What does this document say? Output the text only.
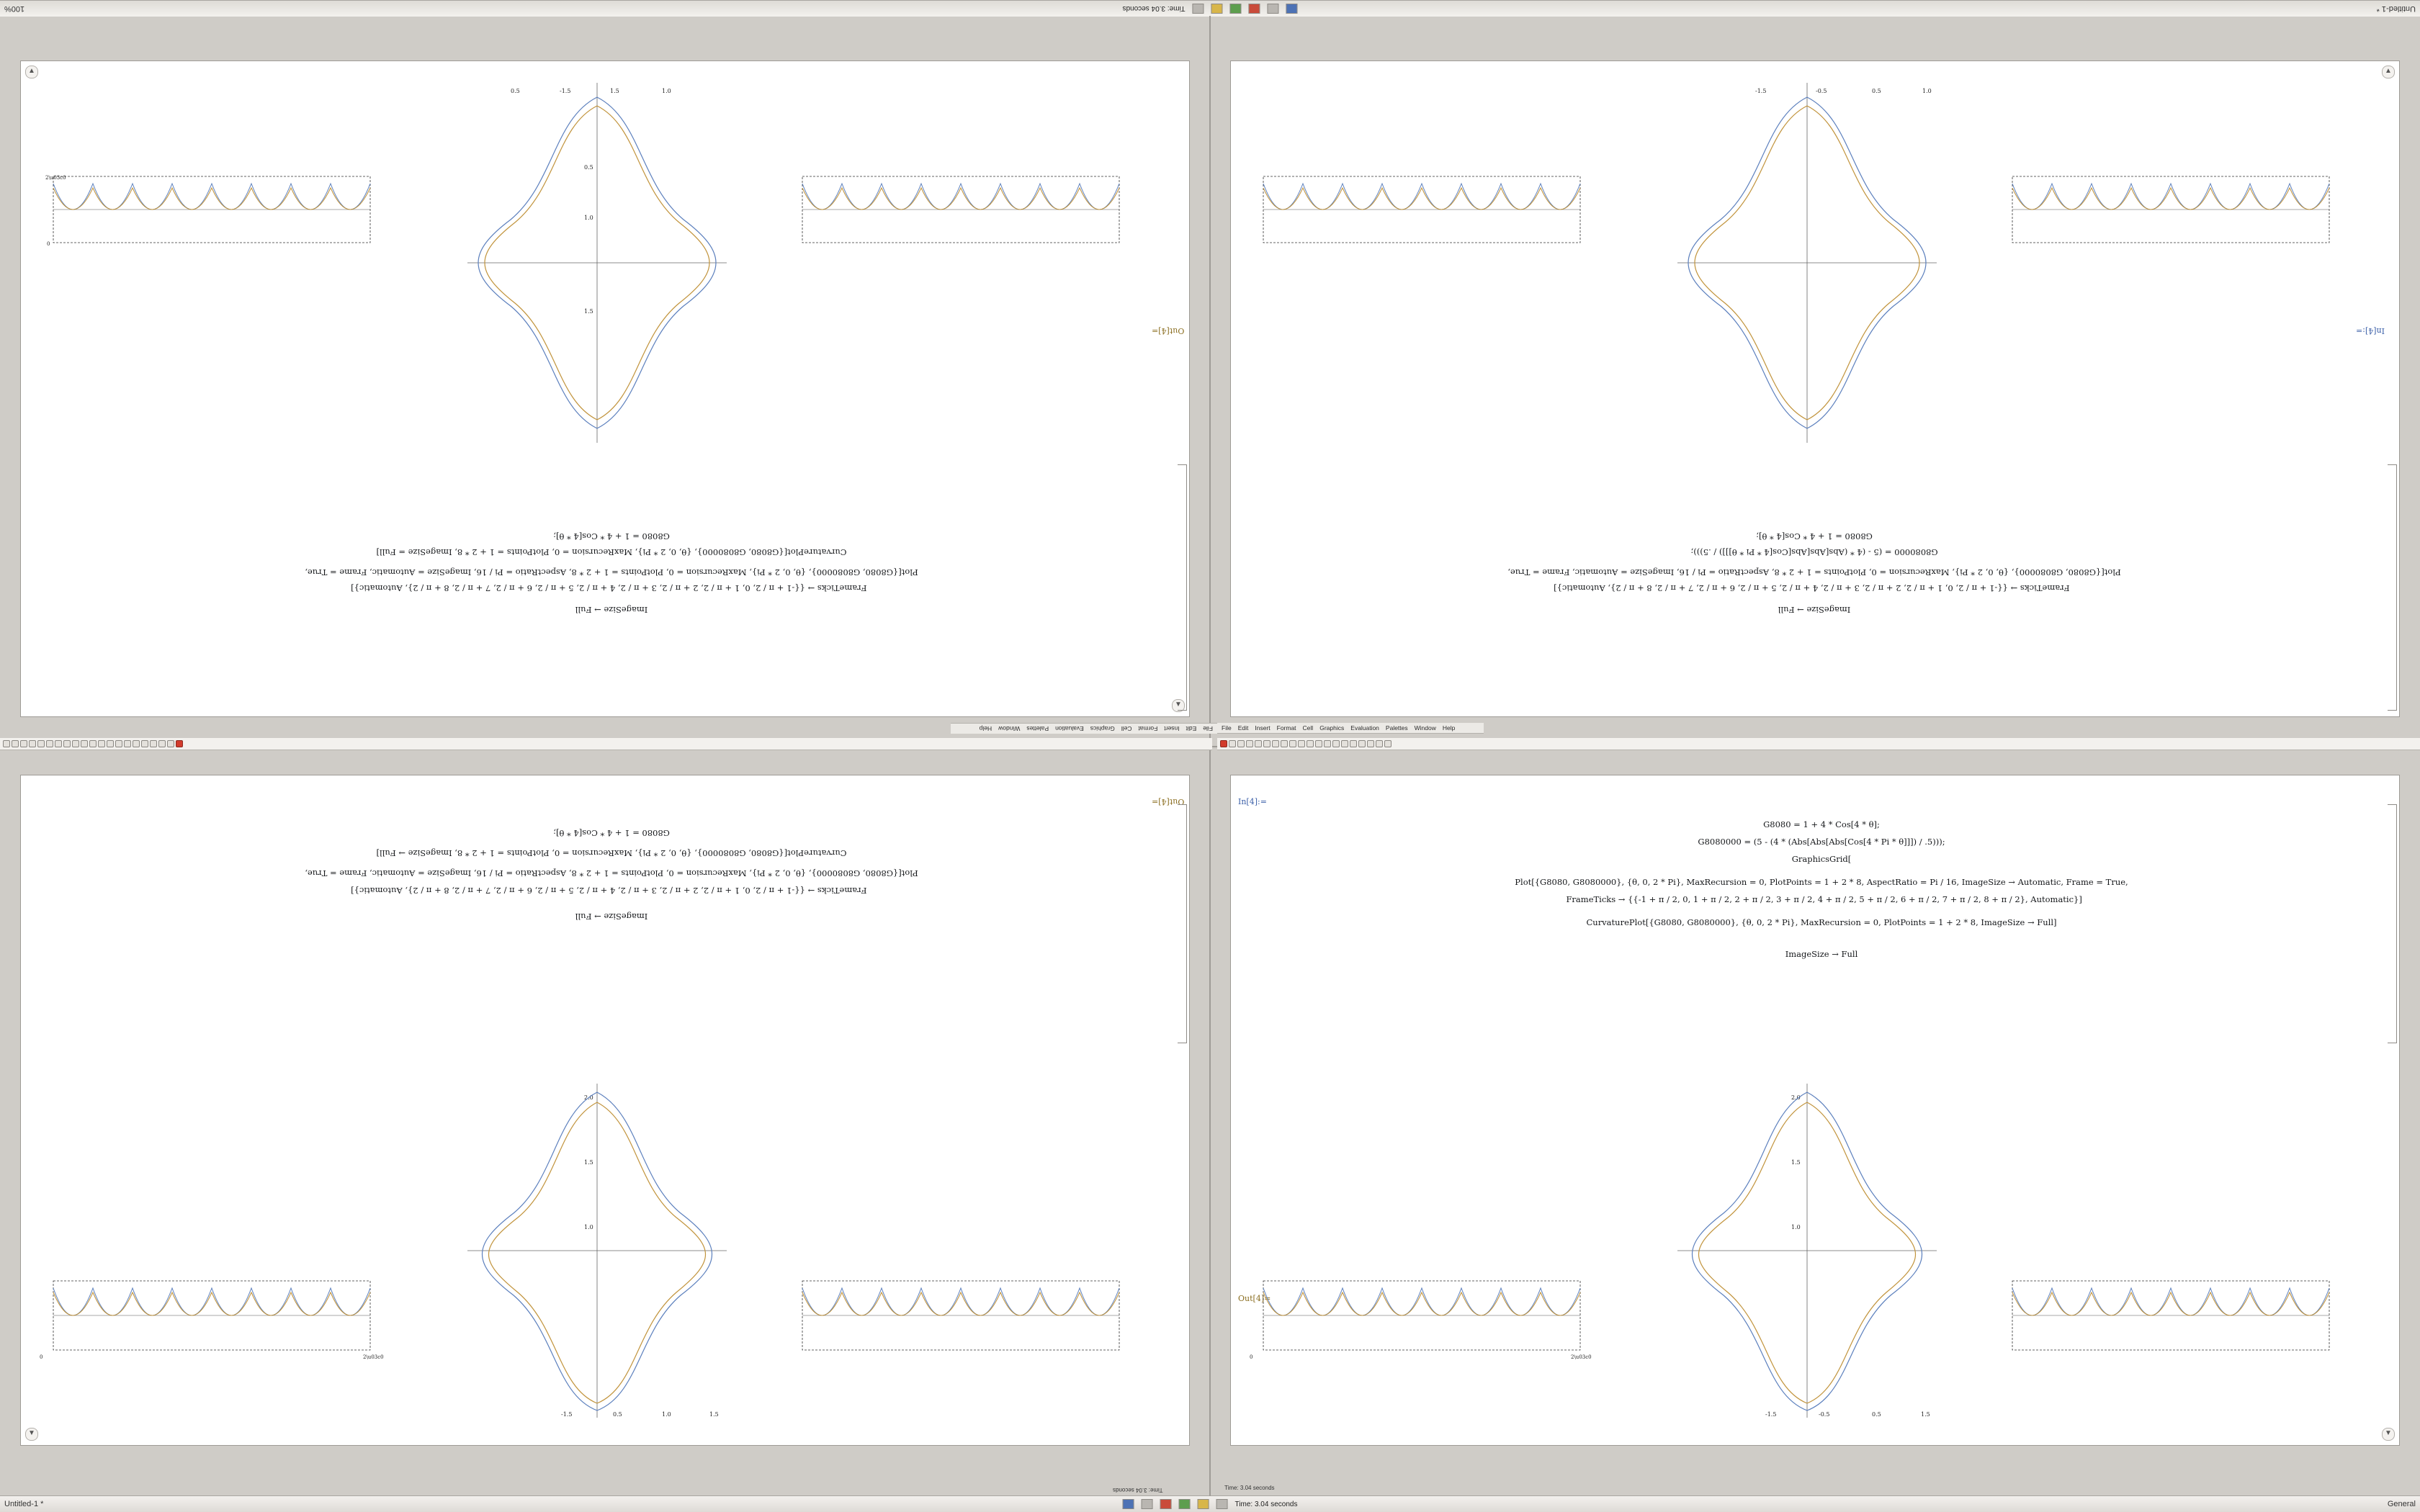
Untitled-1 *
Time: 3.04 seconds
100%
Untitled-1 *	Time: 3.04 seconds	General
▲
▼
-1.5	1.5	1.0
0.5
0.5
1.0
1.5
2\u03c0
0
Out[4]=
G8080 = 1 + 4 * Cos[4 * θ];
CurvaturePlot[{G8080, G8080000}, {θ, 0, 2 * Pi}, MaxRecursion = 0, PlotPoints = 1 + 2 * 8, ImageSize = Full]
Plot[{G8080, G8080000}, {θ, 0, 2 * Pi}, MaxRecursion = 0, PlotPoints = 1 + 2 * 8, AspectRatio = Pi / 16, ImageSize = Automatic, Frame = True,
FrameTicks → {{-1 + π / 2, 0, 1 + π / 2, 2 + π / 2, 3 + π / 2, 4 + π / 2, 5 + π / 2, 6 + π / 2, 7 + π / 2, 8 + π / 2}, Automatic}]
ImageSize → Full
▲
-1.5	-0.5	0.5	1.0
In[4]:=
G8080 = 1 + 4 * Cos[4 * θ];
G8080000 = (5 - (4 * (Abs[Abs[Abs[Cos[4 * Pi * θ]]]) / .5)));
Plot[{G8080, G8080000}, {θ, 0, 2 * Pi}, MaxRecursion = 0, PlotPoints = 1 + 2 * 8, AspectRatio = Pi / 16, ImageSize = Automatic, Frame = True,
FrameTicks → {{-1 + π / 2, 0, 1 + π / 2, 2 + π / 2, 3 + π / 2, 4 + π / 2, 5 + π / 2, 6 + π / 2, 7 + π / 2, 8 + π / 2}, Automatic}]
ImageSize → Full
File
Edit
Insert
Format
Cell
Graphics
Evaluation
Palettes
Window
Help	File Edit Insert Format Cell Graphics Evaluation Palettes Window Help
▼
Out[4]=
G8080 = 1 + 4 * Cos[4 * θ];
CurvaturePlot[{G8080, G8080000}, {θ, 0, 2 * Pi}, MaxRecursion = 0, PlotPoints = 1 + 2 * 8, ImageSize → Full]
Plot[{G8080, G8080000}, {θ, 0, 2 * Pi}, MaxRecursion = 0, PlotPoints = 1 + 2 * 8, AspectRatio = Pi / 16, ImageSize = Automatic, Frame = True,
FrameTicks → {{-1 + π / 2, 0, 1 + π / 2, 2 + π / 2, 3 + π / 2, 4 + π / 2, 5 + π / 2, 6 + π / 2, 7 + π / 2, 8 + π / 2}, Automatic}]
ImageSize → Full
-1.5	0.5	1.0	1.5
2.0
1.5
1.0
0	2\u03c0
▼
In[4]:=
G8080 = 1 + 4 * Cos[4 * θ];
G8080000 = (5 - (4 * (Abs[Abs[Abs[Cos[4 * Pi * θ]]]) / .5)));
GraphicsGrid[
Plot[{G8080, G8080000}, {θ, 0, 2 * Pi}, MaxRecursion = 0, PlotPoints = 1 + 2 * 8, AspectRatio = Pi / 16, ImageSize → Automatic, Frame = True,
FrameTicks → {{-1 + π / 2, 0, 1 + π / 2, 2 + π / 2, 3 + π / 2, 4 + π / 2, 5 + π / 2, 6 + π / 2, 7 + π / 2, 8 + π / 2}, Automatic}]
CurvaturePlot[{G8080, G8080000}, {θ, 0, 2 * Pi}, MaxRecursion = 0, PlotPoints = 1 + 2 * 8, ImageSize → Full]
ImageSize → Full
Out[4]=
-1.5	-0.5	0.5	1.5
2.0
1.5
1.0
0	2\u03c0
Time: 3.04 seconds	Time: 3.04 seconds
